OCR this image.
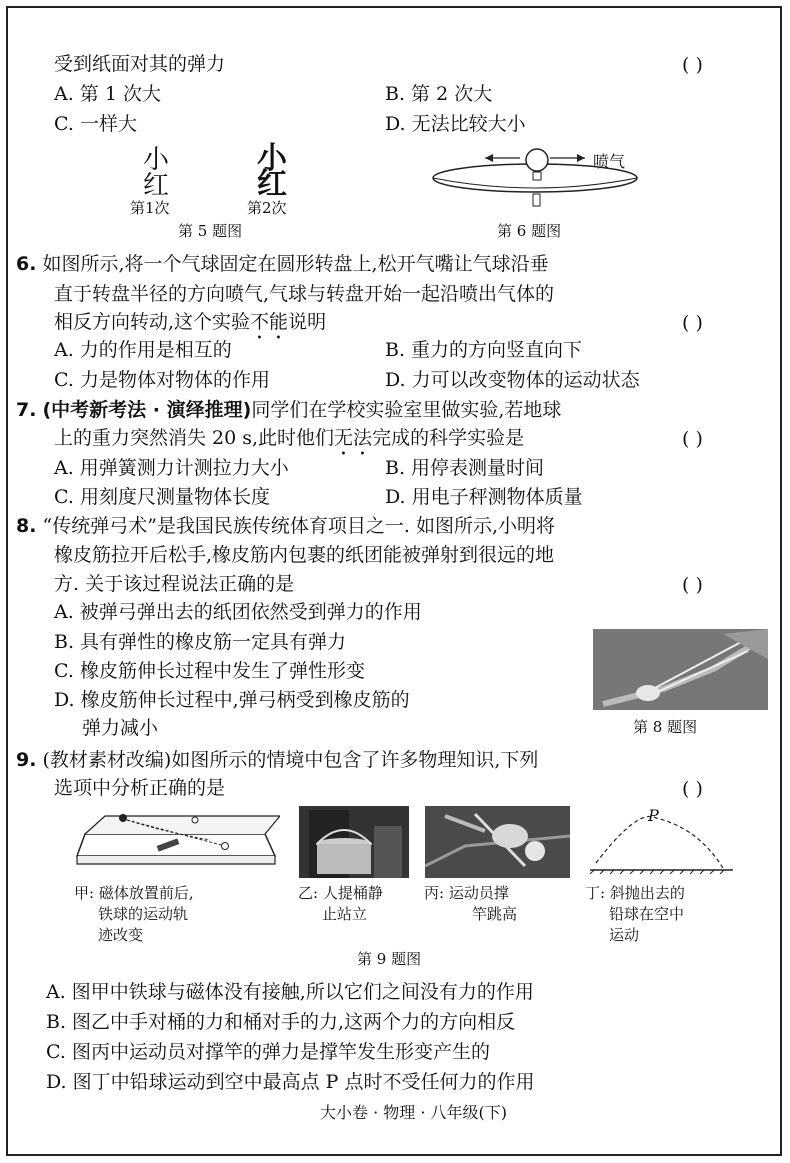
受到纸面对其的弹力	( )
A. 第 1 次大	B. 第 2 次大
C. 一样大	D. 无法比较大小
小
红
小
红
第1次	第2次
第 5 题图
喷气
第 6 题图
6. 如图所示,将一个气球固定在圆形转盘上,松开气嘴让气球沿垂
直于转盘半径的方向喷气,气球与转盘开始一起沿喷出气体的
相反方向转动,这个实验不能说明	( )
A. 力的作用是相互的	B. 重力的方向竖直向下
C. 力是物体对物体的作用	D. 力可以改变物体的运动状态
7. (中考新考法 · 演绎推理)同学们在学校实验室里做实验,若地球
上的重力突然消失 20 s,此时他们无法完成的科学实验是	( )
A. 用弹簧测力计测拉力大小	B. 用停表测量时间
C. 用刻度尺测量物体长度	D. 用电子秤测物体质量
8. “传统弹弓术”是我国民族传统体育项目之一. 如图所示,小明将
橡皮筋拉开后松手,橡皮筋内包裹的纸团能被弹射到很远的地
方. 关于该过程说法正确的是	( )
A. 被弹弓弹出去的纸团依然受到弹力的作用
B. 具有弹性的橡皮筋一定具有弹力
C. 橡皮筋伸长过程中发生了弹性形变
D. 橡皮筋伸长过程中,弹弓柄受到橡皮筋的
弹力减小	第 8 题图
9. (教材素材改编)如图所示的情境中包含了许多物理知识,下列
选项中分析正确的是	( )
甲: 磁体放置前后,
铁球的运动轨
迹改变
乙: 人提桶静
止站立
丙: 运动员撑
竿跳高
P
丁: 斜抛出去的
铅球在空中
运动
第 9 题图
A. 图甲中铁球与磁体没有接触,所以它们之间没有力的作用
B. 图乙中手对桶的力和桶对手的力,这两个力的方向相反
C. 图丙中运动员对撑竿的弹力是撑竿发生形变产生的
D. 图丁中铅球运动到空中最高点 P 点时不受任何力的作用
大小卷 · 物理 · 八年级(下)
